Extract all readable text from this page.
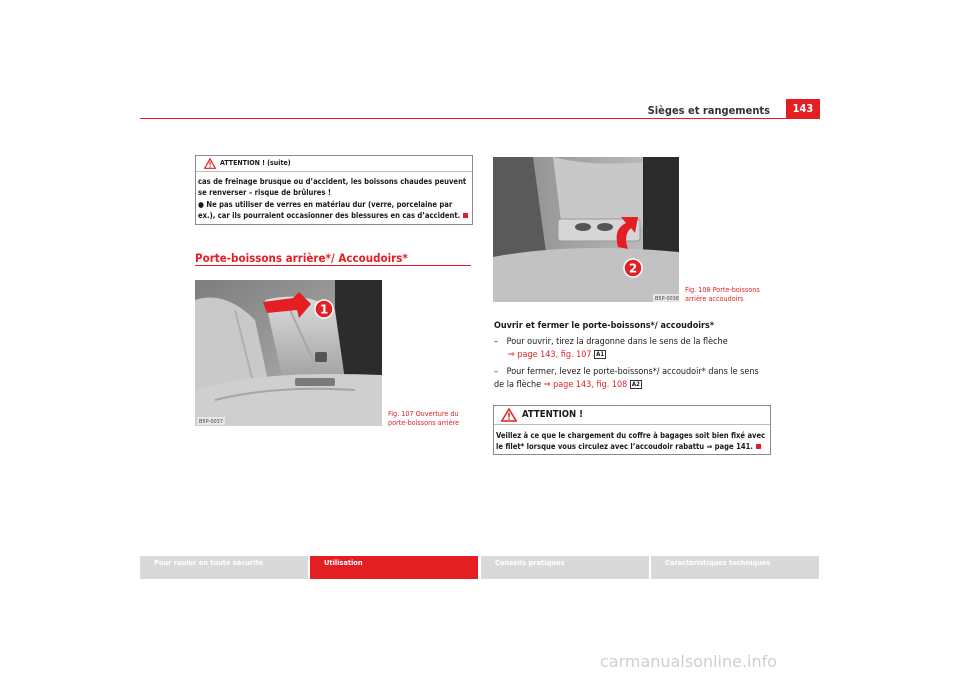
Sièges et rangements	143
ATTENTION ! (suite)
cas de freinage brusque ou d’accident, les boissons chaudes peuvent se renverser – risque de brûlures !
● Ne pas utiliser de verres en matériau dur (verre, porcelaine par ex.), car ils pourraient occasionner des blessures en cas d’accident.
Porte-boissons arrière*/ Accoudoirs*
1
B5P-0037
Fig. 107 Ouverture du porte-boissons arrière
2
B5P-0038
Fig. 108 Porte-boissons arrière accoudoirs
Ouvrir et fermer le porte-boissons*/ accoudoirs*
– Pour ouvrir, tirez la dragonne dans le sens de la flèche
⇒ page 143, fig. 107 A1
– Pour fermer, levez le porte-boissons*/ accoudoir* dans le sens de la flèche ⇒ page 143, fig. 108 A2
ATTENTION !
Veillez à ce que le chargement du coffre à bagages soit bien fixé avec le filet* lorsque vous circulez avec l’accoudoir rabattu ⇒ page 141.
Pour rouler en toute sécurité	Utilisation	Conseils pratiques	Caractéristiques techniques
carmanualsonline.info
